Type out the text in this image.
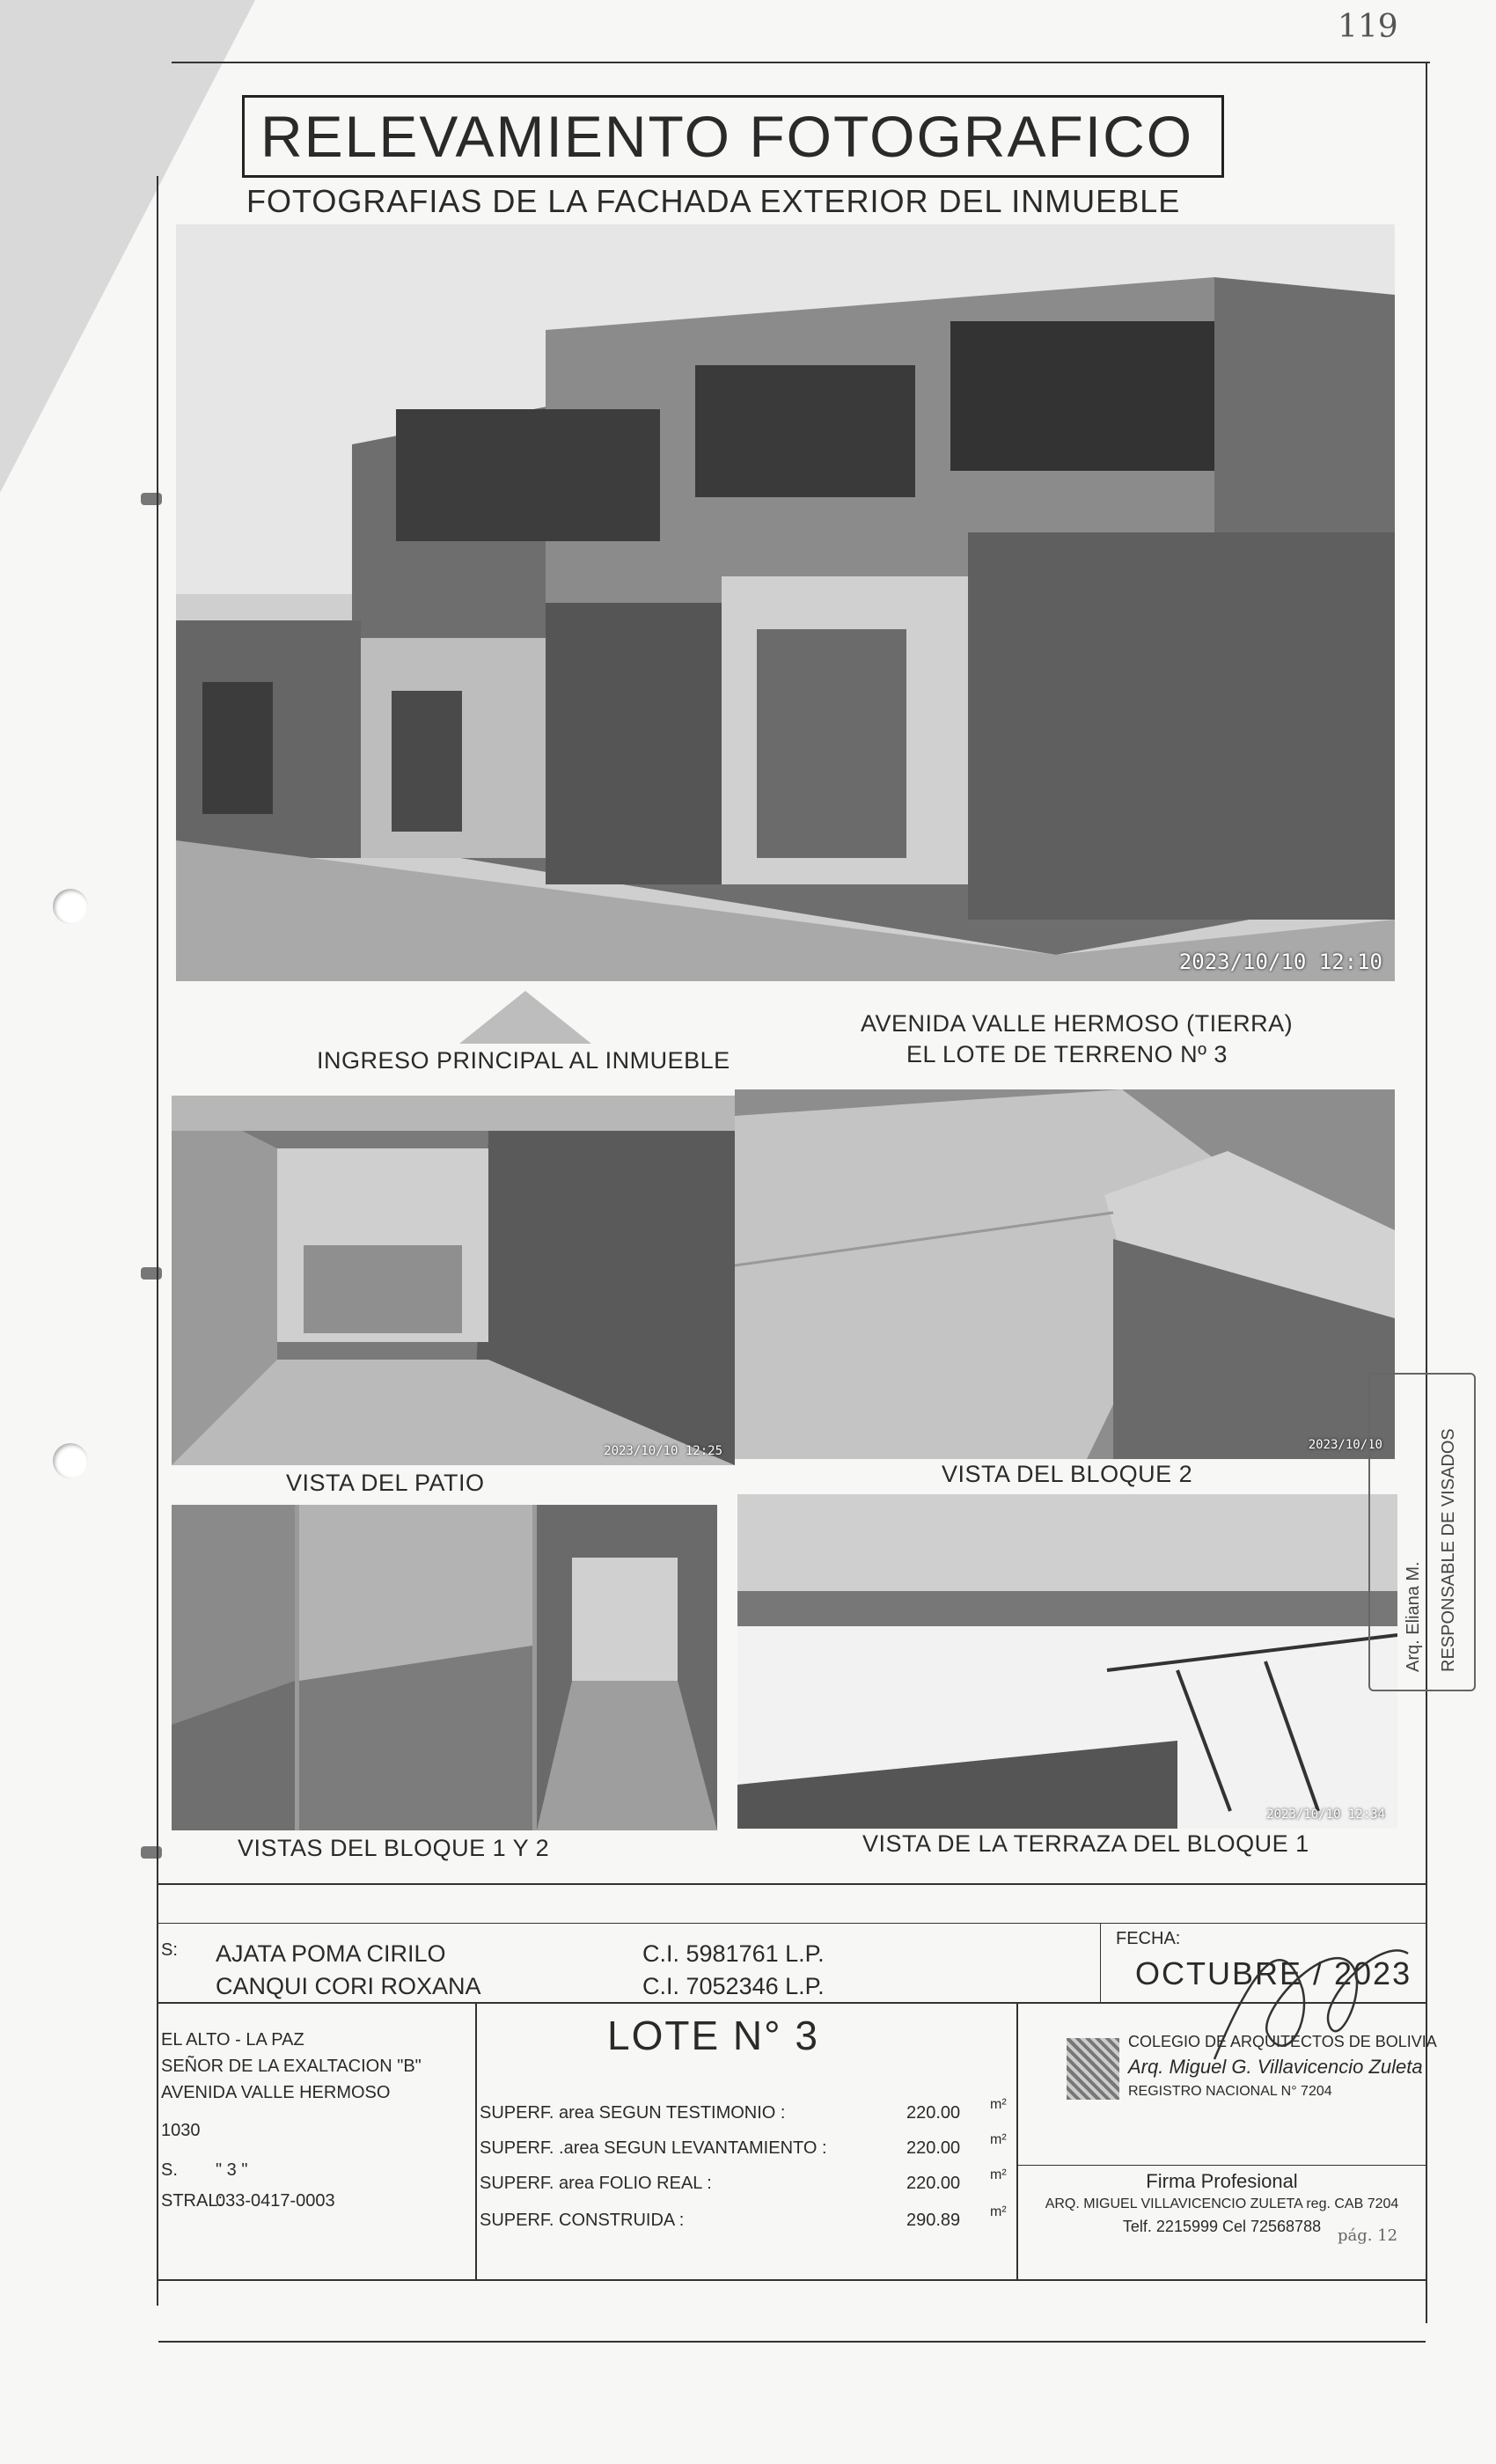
119
RELEVAMIENTO FOTOGRAFICO
FOTOGRAFIAS DE LA FACHADA EXTERIOR DEL INMUEBLE
2023/10/10 12:10
INGRESO PRINCIPAL AL INMUEBLE
AVENIDA VALLE HERMOSO (TIERRA)
EL LOTE DE TERRENO Nº 3
2023/10/10 12:25	2023/10/10
VISTA DEL PATIO	VISTA DEL BLOQUE 2
2023/10/10 12:34
VISTAS DEL BLOQUE 1 Y 2	VISTA DE LA TERRAZA DEL BLOQUE 1
S: AJATA POMA CIRILO	C.I. 5981761 L.P.
CANQUI CORI ROXANA	C.I. 7052346 L.P.
FECHA:
OCTUBRE / 2023
EL ALTO - LA PAZ
SEÑOR DE LA EXALTACION "B"
AVENIDA VALLE HERMOSO
1030
S. " 3 "
STRAL:
033-0417-0003
LOTE N° 3
SUPERF. area SEGUN TESTIMONIO :	220.00 m²
SUPERF. .area SEGUN LEVANTAMIENTO :	220.00 m²
SUPERF. area FOLIO REAL :	220.00 m²
SUPERF. CONSTRUIDA :	290.89 m²
COLEGIO DE ARQUITECTOS DE BOLIVIA
Arq. Miguel G. Villavicencio Zuleta
REGISTRO NACIONAL N° 7204
Firma Profesional
ARQ. MIGUEL VILLAVICENCIO ZULETA reg. CAB 7204
Telf. 2215999 Cel 72568788	pág. 12
RESPONSABLE DE VISADOS
Arq. Eliana M.
